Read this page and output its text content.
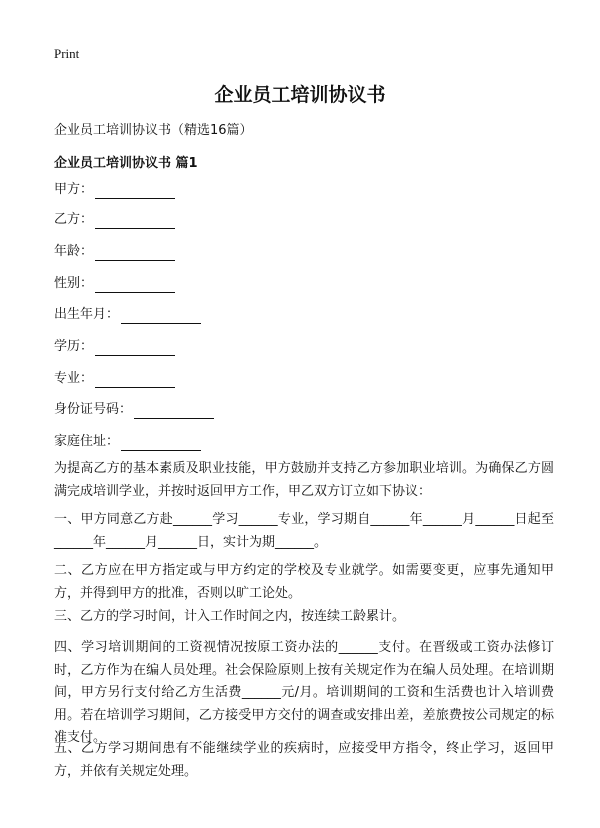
Print
企业员工培训协议书
企业员工培训协议书（精选16篇）
企业员工培训协议书 篇1
甲方：
乙方：
年龄：
性别：
出生年月：
学历：
专业：
身份证号码：
家庭住址：
为提高乙方的基本素质及职业技能，甲方鼓励并支持乙方参加职业培训。为确保乙方圆满完成培训学业，并按时返回甲方工作，甲乙双方订立如下协议：
一、甲方同意乙方赴______学习______专业，学习期自______年______月______日起至______年______月______日，实计为期______。
二、乙方应在甲方指定或与甲方约定的学校及专业就学。如需要变更，应事先通知甲方，并得到甲方的批准，否则以旷工论处。
三、乙方的学习时间，计入工作时间之内，按连续工龄累计。
四、学习培训期间的工资视情况按原工资办法的______支付。在晋级或工资办法修订时，乙方作为在编人员处理。社会保险原则上按有关规定作为在编人员处理。在培训期间，甲方另行支付给乙方生活费______元/月。培训期间的工资和生活费也计入培训费用。若在培训学习期间，乙方接受甲方交付的调查或安排出差，差旅费按公司规定的标准支付。
五、乙方学习期间患有不能继续学业的疾病时，应接受甲方指令，终止学习，返回甲方，并依有关规定处理。
